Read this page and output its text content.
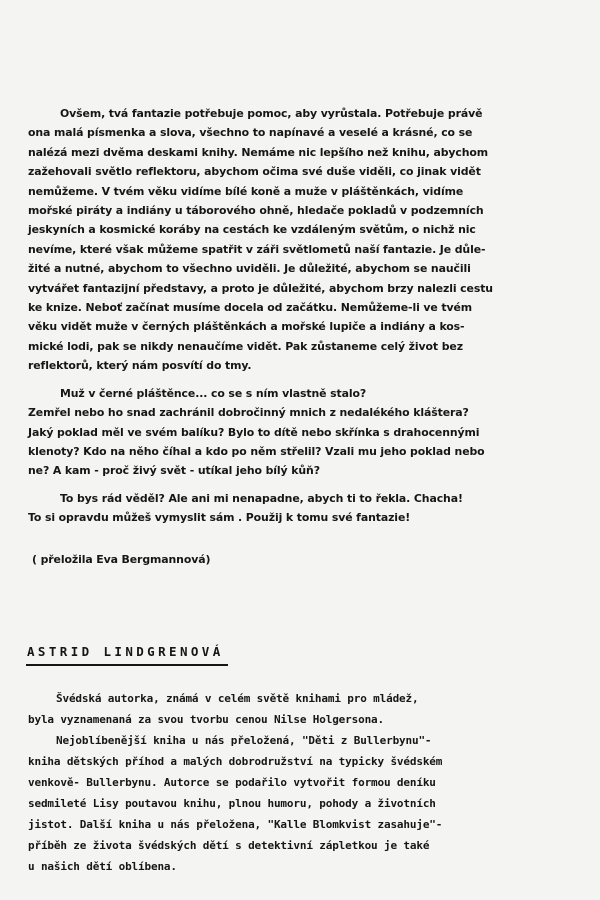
Ovšem, tvá fantazie potřebuje pomoc, aby vyrůstala. Potřebuje právě
ona malá písmenka a slova, všechno to napínavé a veselé a krásné, co se
nalézá mezi dvěma deskami knihy. Nemáme nic lepšího než knihu, abychom
zažehovali světlo reflektoru, abychom očima své duše viděli, co jinak vidět
nemůžeme. V tvém věku vidíme bílé koně a muže v pláštěnkách, vidíme
mořské piráty a indiány u táborového ohně, hledače pokladů v podzemních
jeskyních a kosmické koráby na cestách ke vzdáleným světům, o nichž nic
nevíme, které však můžeme spatřit v záři světlometů naší fantazie. Je důle-
žité a nutné, abychom to všechno uviděli. Je důležité, abychom se naučili
vytvářet fantazijní představy, a proto je důležité, abychom brzy nalezli cestu
ke knize. Neboť začínat musíme docela od začátku. Nemůžeme-li ve tvém
věku vidět muže v černých pláštěnkách a mořské lupiče a indiány a kos-
mické lodi, pak se nikdy nenaučíme vidět. Pak zůstaneme celý život bez
reflektorů, který nám posvítí do tmy.
Muž v černé pláštěnce... co se s ním vlastně stalo?
Zemřel nebo ho snad zachránil dobročinný mnich z nedalékého kláštera?
Jaký poklad měl ve svém balíku? Bylo to dítě nebo skřínka s drahocennými
klenoty? Kdo na něho číhal a kdo po něm střelil? Vzali mu jeho poklad nebo
ne? A kam - proč živý svět - utíkal jeho bílý kůň?
To bys rád věděl? Ale ani mi nenapadne, abych ti to řekla. Chacha!
To si opravdu můžeš vymyslit sám . Použij k tomu své fantazie!
( přeložila Eva Bergmannová)
ASTRID LINDGRENOVÁ
Švédská autorka, známá v celém světě knihami pro mládež,
byla vyznamenaná za svou tvorbu cenou Nilse Holgersona.
Nejoblíbenější kniha u nás přeložená, "Děti z Bullerbynu"-
kniha dětských příhod a malých dobrodružství na typicky švédském
venkově- Bullerbynu. Autorce se podařilo vytvořit formou deníku
sedmileté Lisy poutavou knihu, plnou humoru, pohody a životních
jistot. Další kniha u nás přeložena, "Kalle Blomkvist zasahuje"-
příběh ze života švédských dětí s detektivní zápletkou je také
u našich dětí oblíbena.
